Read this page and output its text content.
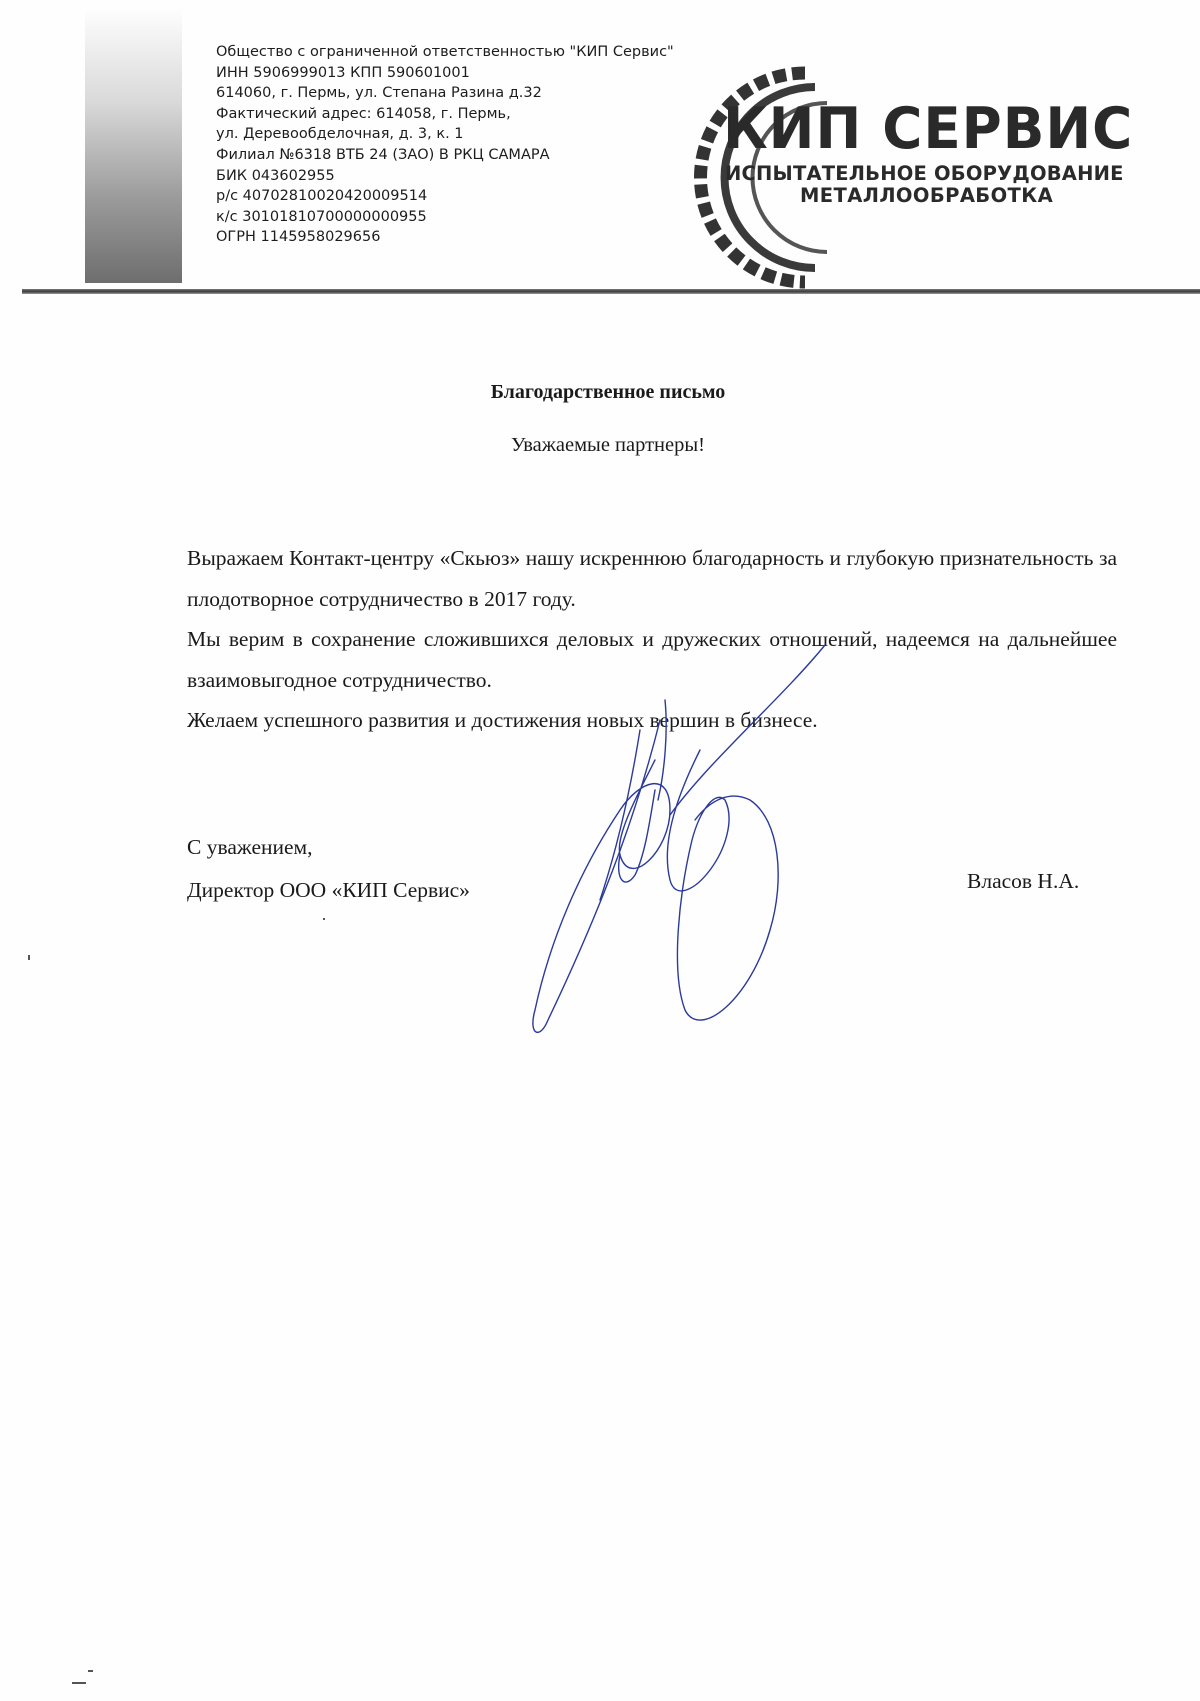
Общество с ограниченной ответственностью "КИП Сервис"
ИНН 5906999013 КПП 590601001
614060, г. Пермь, ул. Степана Разина д.32
Фактический адрес: 614058, г. Пермь,
ул. Деревообделочная, д. 3, к. 1
Филиал №6318 ВТБ 24 (ЗАО) В РКЦ САМАРА
БИК 043602955
р/с 40702810020420009514
к/с 30101810700000000955
ОГРН 1145958029656
КИП СЕРВИС
ИСПЫТАТЕЛЬНОЕ ОБОРУДОВАНИЕ
МЕТАЛЛООБРАБОТКА
Благодарственное письмо
Уважаемые партнеры!

Выражаем Контакт-центру «Скьюз» нашу искреннюю благодарность и глубокую признательность за плодотворное сотрудничество в 2017 году.

Мы верим в сохранение сложившихся деловых и дружеских отношений, надеемся на дальнейшее взаимовыгодное сотрудничество.

Желаем успешного развития и достижения новых вершин в бизнесе.

С уважением,
Директор ООО «КИП Сервис»	Власов Н.А.
